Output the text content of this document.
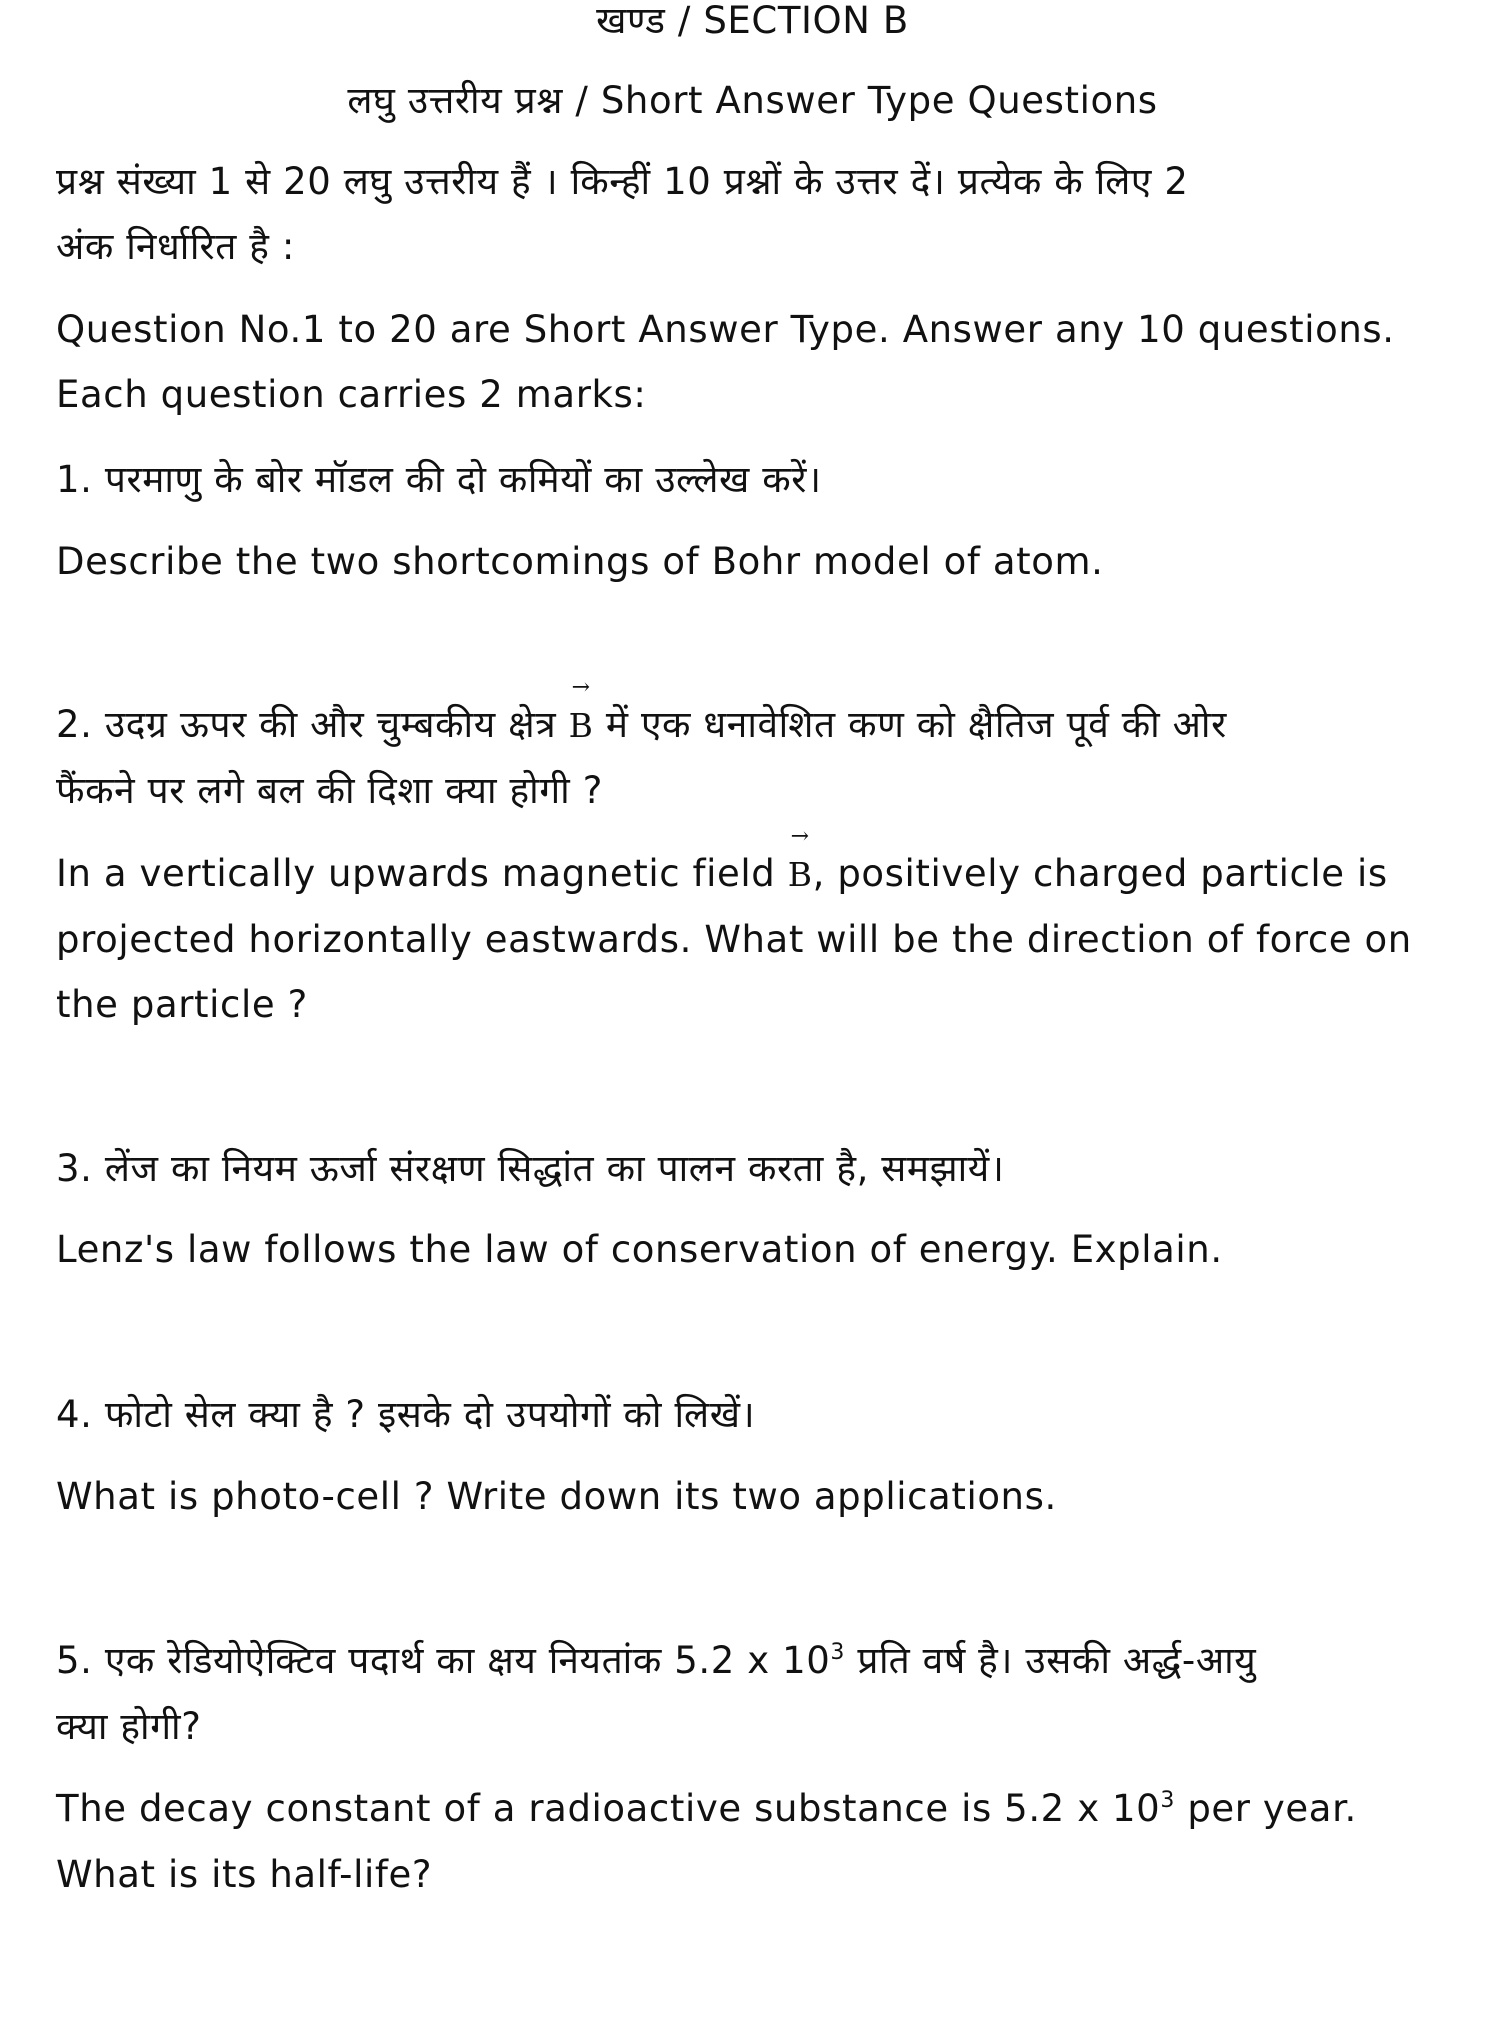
खण्ड / SECTION B
लघु उत्तरीय प्रश्न / Short Answer Type Questions
प्रश्न संख्या 1 से 20 लघु उत्तरीय हैं । किन्हीं 10 प्रश्नों के उत्तर दें। प्रत्येक के लिए 2
अंक निर्धारित है :
Question No.1 to 20 are Short Answer Type. Answer any 10 questions.
Each question carries 2 marks:
1. परमाणु के बोर मॉडल की दो कमियों का उल्लेख करें।
Describe the two shortcomings of Bohr model of atom.
2. उदग्र ऊपर की और चुम्बकीय क्षेत्र
→
B में एक धनावेशित कण को क्षैतिज पूर्व की ओर
फैंकने पर लगे बल की दिशा क्या होगी ?
In a vertically upwards magnetic field
→
B, positively charged particle is
projected horizontally eastwards. What will be the direction of force on
the particle ?
3. लेंज का नियम ऊर्जा संरक्षण सिद्धांत का पालन करता है, समझायें।
Lenz's law follows the law of conservation of energy. Explain.
4. फोटो सेल क्या है ? इसके दो उपयोगों को लिखें।
What is photo-cell ? Write down its two applications.
5. एक रेडियोऐक्टिव पदार्थ का क्षय नियतांक 5.2 x $10^3$ प्रति वर्ष है। उसकी अर्द्ध-आयु
क्या होगी?
The decay constant of a radioactive substance is 5.2 x $10^3$ per year.
What is its half-life?
